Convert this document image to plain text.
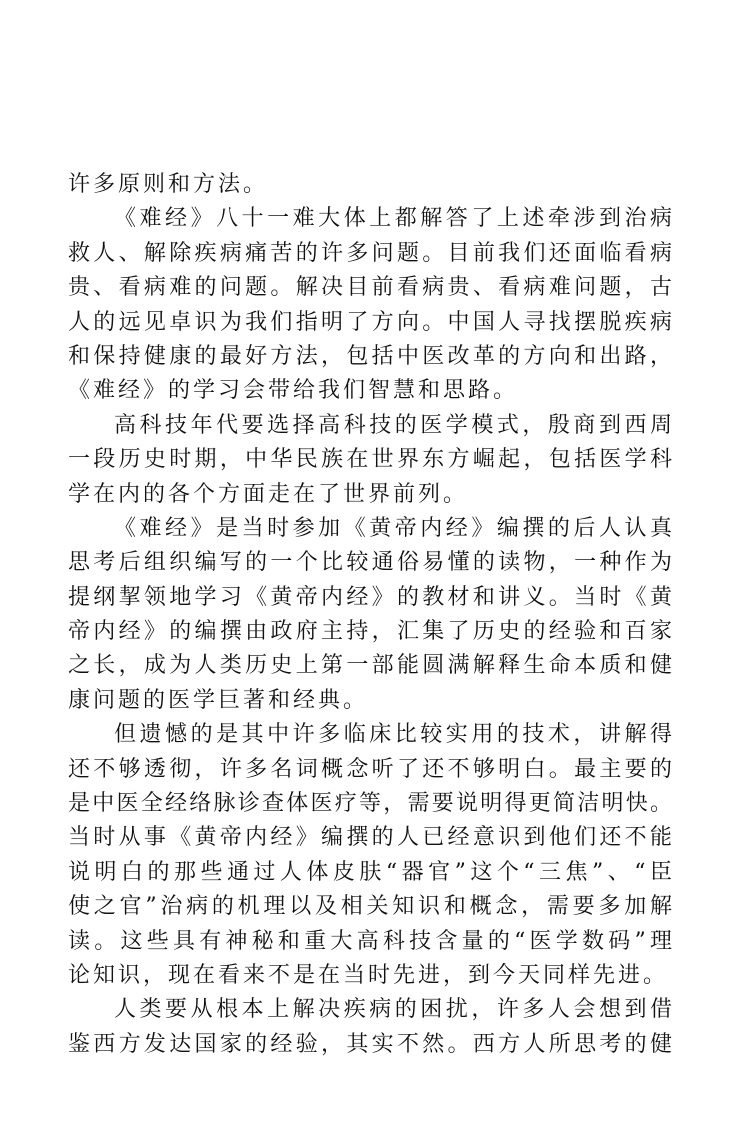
许多原则和方法。
《难经》八十一难大体上都解答了上述牵涉到治病
救人、解除疾病痛苦的许多问题。目前我们还面临看病
贵、看病难的问题。解决目前看病贵、看病难问题，古
人的远见卓识为我们指明了方向。中国人寻找摆脱疾病
和保持健康的最好方法，包括中医改革的方向和出路，
《难经》的学习会带给我们智慧和思路。
高科技年代要选择高科技的医学模式，殷商到西周
一段历史时期，中华民族在世界东方崛起，包括医学科
学在内的各个方面走在了世界前列。
《难经》是当时参加《黄帝内经》编撰的后人认真
思考后组织编写的一个比较通俗易懂的读物，一种作为
提纲挈领地学习《黄帝内经》的教材和讲义。当时《黄
帝内经》的编撰由政府主持，汇集了历史的经验和百家
之长，成为人类历史上第一部能圆满解释生命本质和健
康问题的医学巨著和经典。
但遗憾的是其中许多临床比较实用的技术，讲解得
还不够透彻，许多名词概念听了还不够明白。最主要的
是中医全经络脉诊查体医疗等，需要说明得更简洁明快。
当时从事《黄帝内经》编撰的人已经意识到他们还不能
说明白的那些通过人体皮肤“器官”这个“三焦”、“臣
使之官”治病的机理以及相关知识和概念，需要多加解
读。这些具有神秘和重大高科技含量的“医学数码”理
论知识，现在看来不是在当时先进，到今天同样先进。
人类要从根本上解决疾病的困扰，许多人会想到借
鉴西方发达国家的经验，其实不然。西方人所思考的健
